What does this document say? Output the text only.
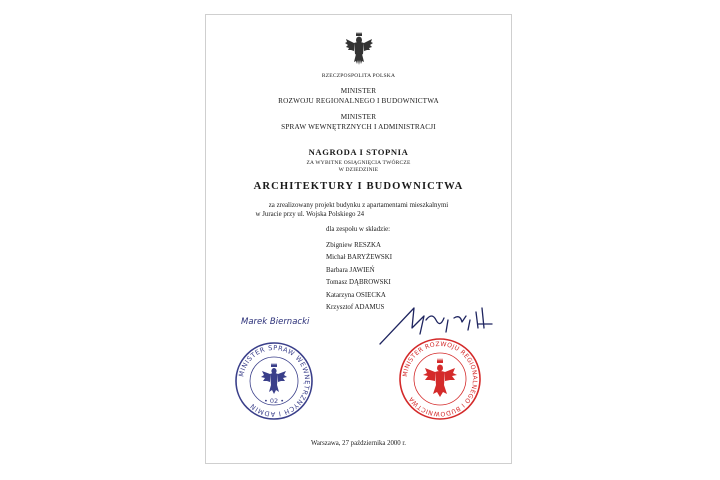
RZECZPOSPOLITA POLSKA
MINISTER
ROZWOJU REGIONALNEGO I BUDOWNICTWA
MINISTER
SPRAW WEWNĘTRZNYCH I ADMINISTRACJI
NAGRODA I STOPNIA
ZA WYBITNE OSIĄGNIĘCIA TWÓRCZE
W DZIEDZINIE
ARCHITEKTURY I BUDOWNICTWA
za zrealizowany projekt budynku z apartamentami mieszkalnymi
w Juracie przy ul. Wojska Polskiego 24
dla zespołu w składzie:
Zbigniew RESZKA
Michał BARYŻEWSKI
Barbara JAWIEŃ
Tomasz DĄBROWSKI
Katarzyna OSIECKA
Krzysztof ADAMUS
Marek Biernacki
MINISTER SPRAW WEWNĘTRZNYCH I ADMIN
• 02 •
MINISTER ROZWOJU REGIONALNEGO I BUDOWNICTWA
Warszawa, 27 października 2000 r.
